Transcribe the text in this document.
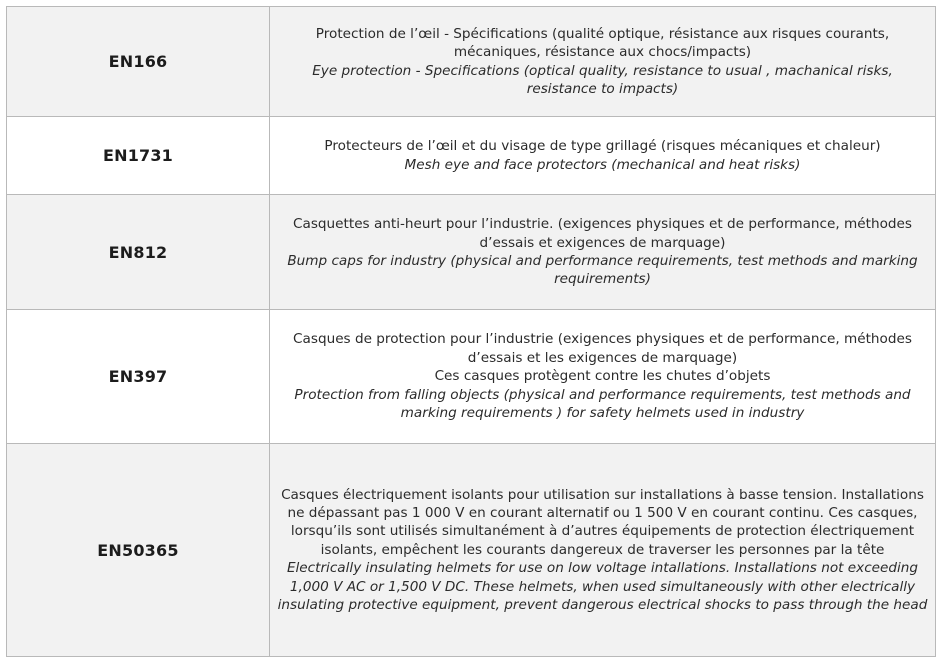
EN166	Protection de l’œil - Spécifications (qualité optique, résistance aux risques courants, mécaniques, résistance aux chocs/impacts)
Eye protection - Specifications (optical quality, resistance to usual , machanical risks, resistance to impacts)

EN1731	Protecteurs de l’œil et du visage de type grillagé (risques mécaniques et chaleur)
Mesh eye and face protectors (mechanical and heat risks)

EN812	Casquettes anti-heurt pour l’industrie. (exigences physiques et de performance, méthodes d’essais et exigences de marquage)
Bump caps for industry (physical and performance requirements, test methods and marking requirements)

EN397	Casques de protection pour l’industrie (exigences physiques et de performance, méthodes d’essais et les exigences de marquage)
Ces casques protègent contre les chutes d’objets
Protection from falling objects (physical and performance requirements, test methods and marking requirements ) for safety helmets used in industry

EN50365	Casques électriquement isolants pour utilisation sur installations à basse tension. Installations ne dépassant pas 1 000 V en courant alternatif ou 1 500 V en courant continu. Ces casques, lorsqu’ils sont utilisés simultanément à d’autres équipements de protection électriquement isolants, empêchent les courants dangereux de traverser les personnes par la tête
Electrically insulating helmets for use on low voltage intallations. Installations not exceeding 1,000 V AC or 1,500 V DC. These helmets, when used simultaneously with other electrically insulating protective equipment, prevent dangerous electrical shocks to pass through the head
